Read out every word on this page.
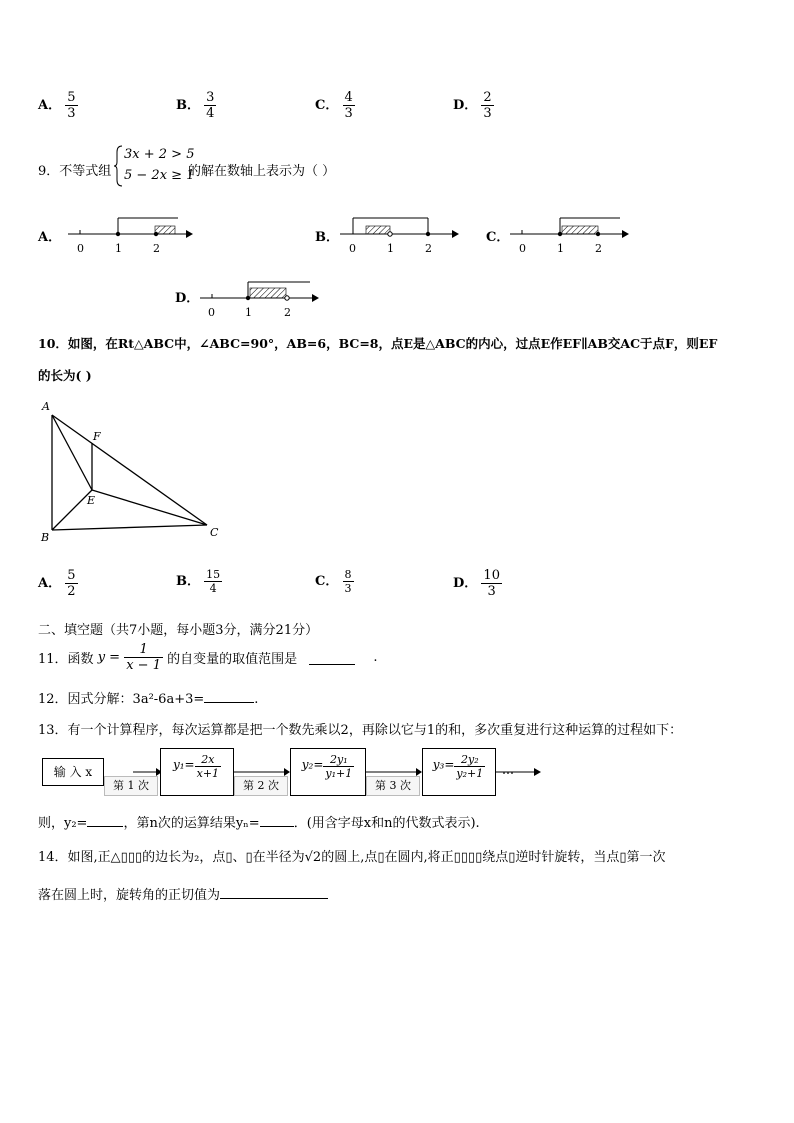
A． $\frac{5}{3}$	B． $\frac{3}{4}$	C． $\frac{4}{3}$	D． $\frac{2}{3}$
9．不等式组
3x + 2 > 5
5 − 2x ≥ 1
的解在数轴上表示为（ ）
A．
0	1	2
B．
0	1	2
C．
0	1	2
D．
0	1	2
10．如图，在Rt△ABC中，∠ABC=90°，AB=6，BC=8，点E是△ABC的内心，过点E作EF∥AB交AC于点F，则EF
的长为( )
A
B	C
E
F
A． $\frac{5}{2}$	B． $\frac{15}{4}$	C． $\frac{8}{3}$	D． $\frac{10}{3}$
二、填空题（共7小题，每小题3分，满分21分）
11．函数 $y = \frac{1}{x - 1}$ 的自变量的取值范围是	.
12．因式分解：3a²-6a+3=	.
13．有一个计算程序，每次运算都是把一个数先乘以2，再除以它与1的和，多次重复进行这种运算的过程如下：
输 入 x
第 1 次
$y_1= \frac{2x}{x+1}$
第 2 次
$y_2= \frac{\text{2y₁}}{\text{y₁+1}}$
第 3 次
$y_3= \frac{\text{2y₂}}{\text{y₂+1}}$ …
则，y₂=	，第n次的运算结果yₙ=	．(用含字母x和n的代数式表示).
14．如图,正△▯▯▯的边长为₂，点▯、▯在半径为√2的圆上,点▯在圆内,将正▯▯▯▯绕点▯逆时针旋转，当点▯第一次
落在圆上时，旋转角的正切值为
